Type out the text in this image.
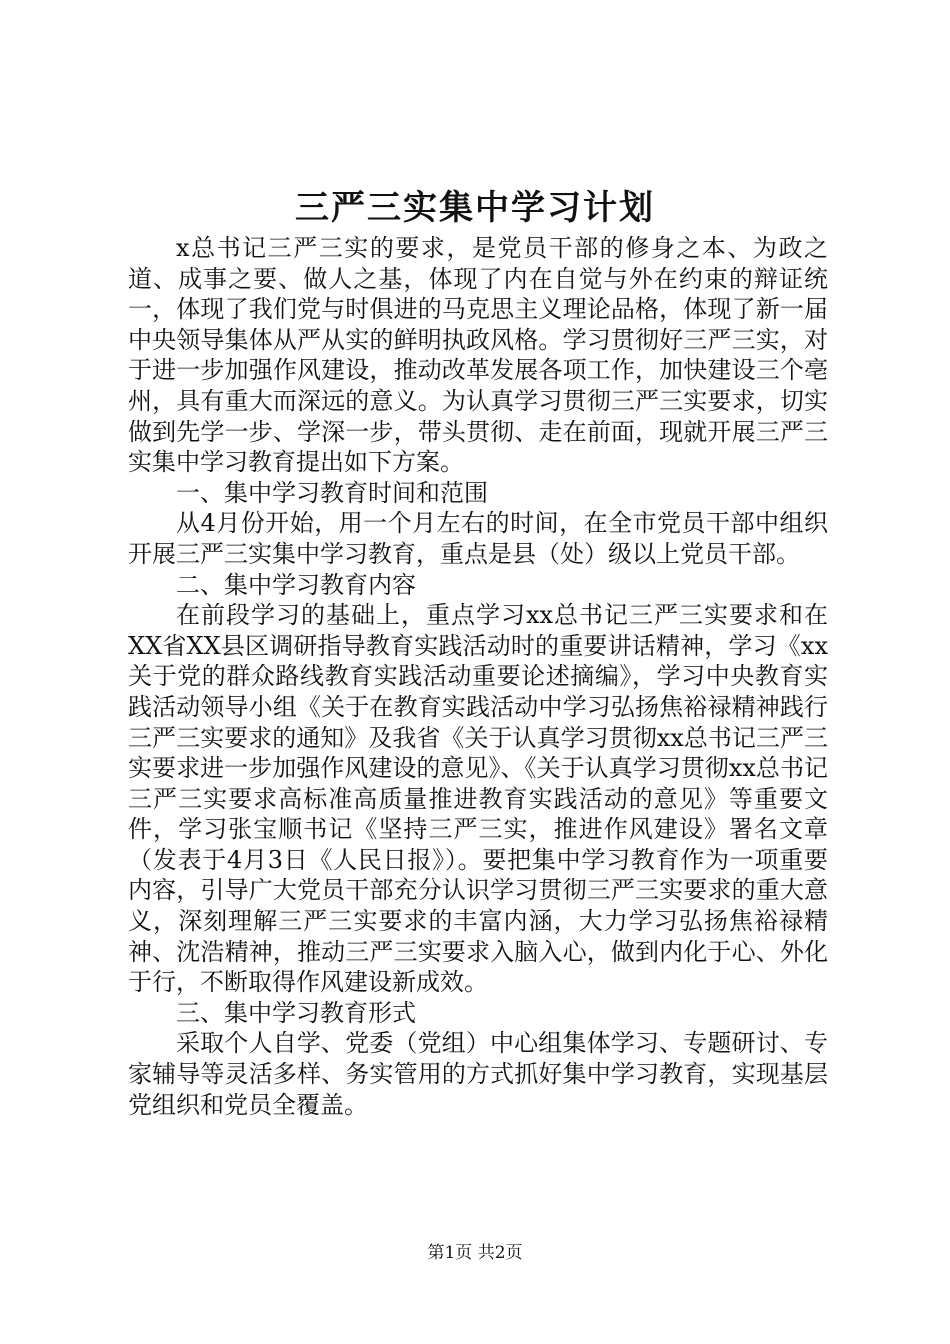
三严三实集中学习计划

x总书记三严三实的要求，是党员干部的修身之本、为政之道、成事之要、做人之基，体现了内在自觉与外在约束的辩证统一，体现了我们党与时俱进的马克思主义理论品格，体现了新一届中央领导集体从严从实的鲜明执政风格。学习贯彻好三严三实，对于进一步加强作风建设，推动改革发展各项工作，加快建设三个亳州，具有重大而深远的意义。为认真学习贯彻三严三实要求，切实做到先学一步、学深一步，带头贯彻、走在前面，现就开展三严三实集中学习教育提出如下方案。

一、集中学习教育时间和范围

从4月份开始，用一个月左右的时间，在全市党员干部中组织开展三严三实集中学习教育，重点是县（处）级以上党员干部。

二、集中学习教育内容

在前段学习的基础上，重点学习xx总书记三严三实要求和在XX省XX县区调研指导教育实践活动时的重要讲话精神，学习《xx关于党的群众路线教育实践活动重要论述摘编》，学习中央教育实践活动领导小组《关于在教育实践活动中学习弘扬焦裕禄精神践行三严三实要求的通知》及我省《关于认真学习贯彻xx总书记三严三实要求进一步加强作风建设的意见》、《关于认真学习贯彻xx总书记三严三实要求高标准高质量推进教育实践活动的意见》等重要文件，学习张宝顺书记《坚持三严三实，推进作风建设》署名文章（发表于4月3日《人民日报》）。要把集中学习教育作为一项重要内容，引导广大党员干部充分认识学习贯彻三严三实要求的重大意义，深刻理解三严三实要求的丰富内涵，大力学习弘扬焦裕禄精神、沈浩精神，推动三严三实要求入脑入心，做到内化于心、外化于行，不断取得作风建设新成效。

三、集中学习教育形式

采取个人自学、党委（党组）中心组集体学习、专题研讨、专家辅导等灵活多样、务实管用的方式抓好集中学习教育，实现基层党组织和党员全覆盖。

第1页 共2页
